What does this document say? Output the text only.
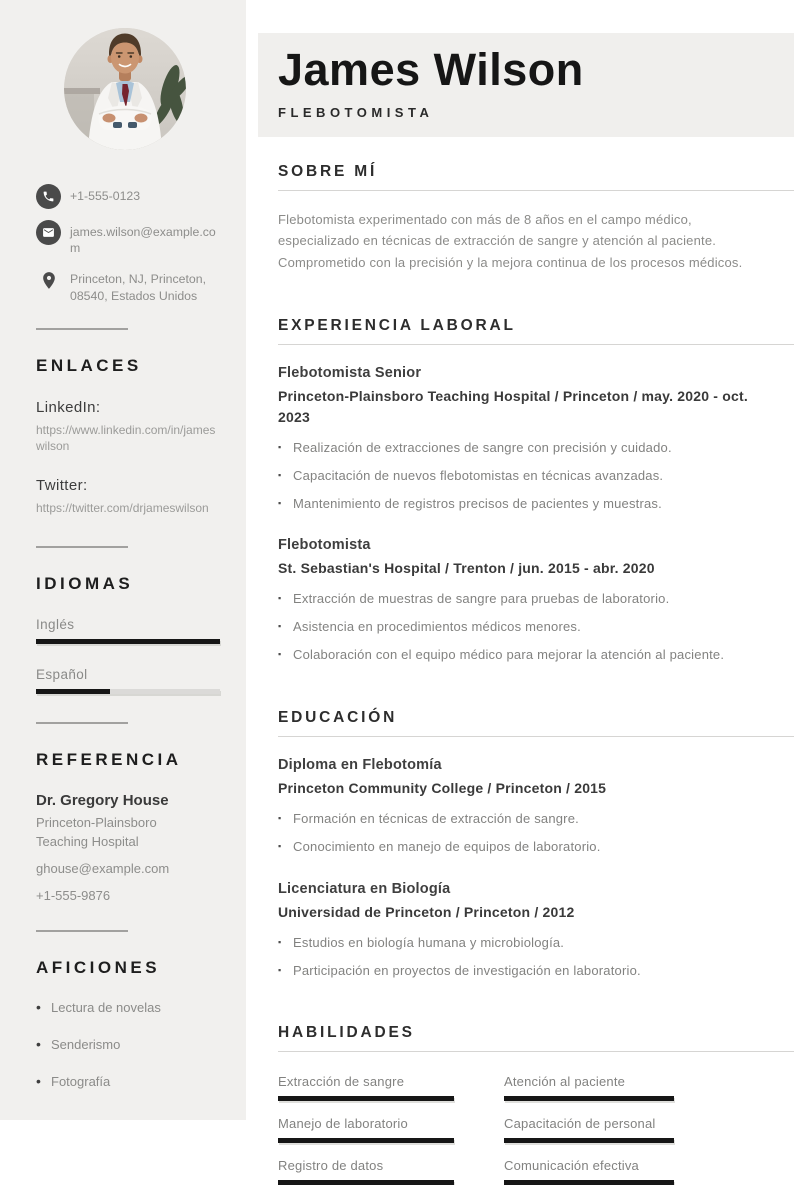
+1-555-0123
james.wilson@example.com
Princeton, NJ, Princeton, 08540, Estados Unidos
ENLACES
LinkedIn:
https://www.linkedin.com/in/jameswilson
Twitter:
https://twitter.com/drjameswilson
IDIOMAS
Inglés
Español
REFERENCIA
Dr. Gregory House
Princeton-Plainsboro Teaching Hospital
ghouse@example.com
+1-555-9876
AFICIONES
• Lectura de novelas
• Senderismo
• Fotografía
James Wilson
FLEBOTOMISTA
SOBRE MÍ

Flebotomista experimentado con más de 8 años en el campo médico, especializado en técnicas de extracción de sangre y atención al paciente. Comprometido con la precisión y la mejora continua de los procesos médicos.

EXPERIENCIA LABORAL
Flebotomista Senior
Princeton-Plainsboro Teaching Hospital / Princeton / may. 2020 - oct. 2023
▪ Realización de extracciones de sangre con precisión y cuidado.
▪ Capacitación de nuevos flebotomistas en técnicas avanzadas.
▪ Mantenimiento de registros precisos de pacientes y muestras.
Flebotomista
St. Sebastian's Hospital / Trenton / jun. 2015 - abr. 2020
▪ Extracción de muestras de sangre para pruebas de laboratorio.
▪ Asistencia en procedimientos médicos menores.
▪ Colaboración con el equipo médico para mejorar la atención al paciente.
EDUCACIÓN
Diploma en Flebotomía
Princeton Community College / Princeton / 2015
▪ Formación en técnicas de extracción de sangre.
▪ Conocimiento en manejo de equipos de laboratorio.
Licenciatura en Biología
Universidad de Princeton / Princeton / 2012
▪ Estudios en biología humana y microbiología.
▪ Participación en proyectos de investigación en laboratorio.
HABILIDADES
Extracción de sangre	Atención al paciente
Manejo de laboratorio	Capacitación de personal
Registro de datos	Comunicación efectiva
